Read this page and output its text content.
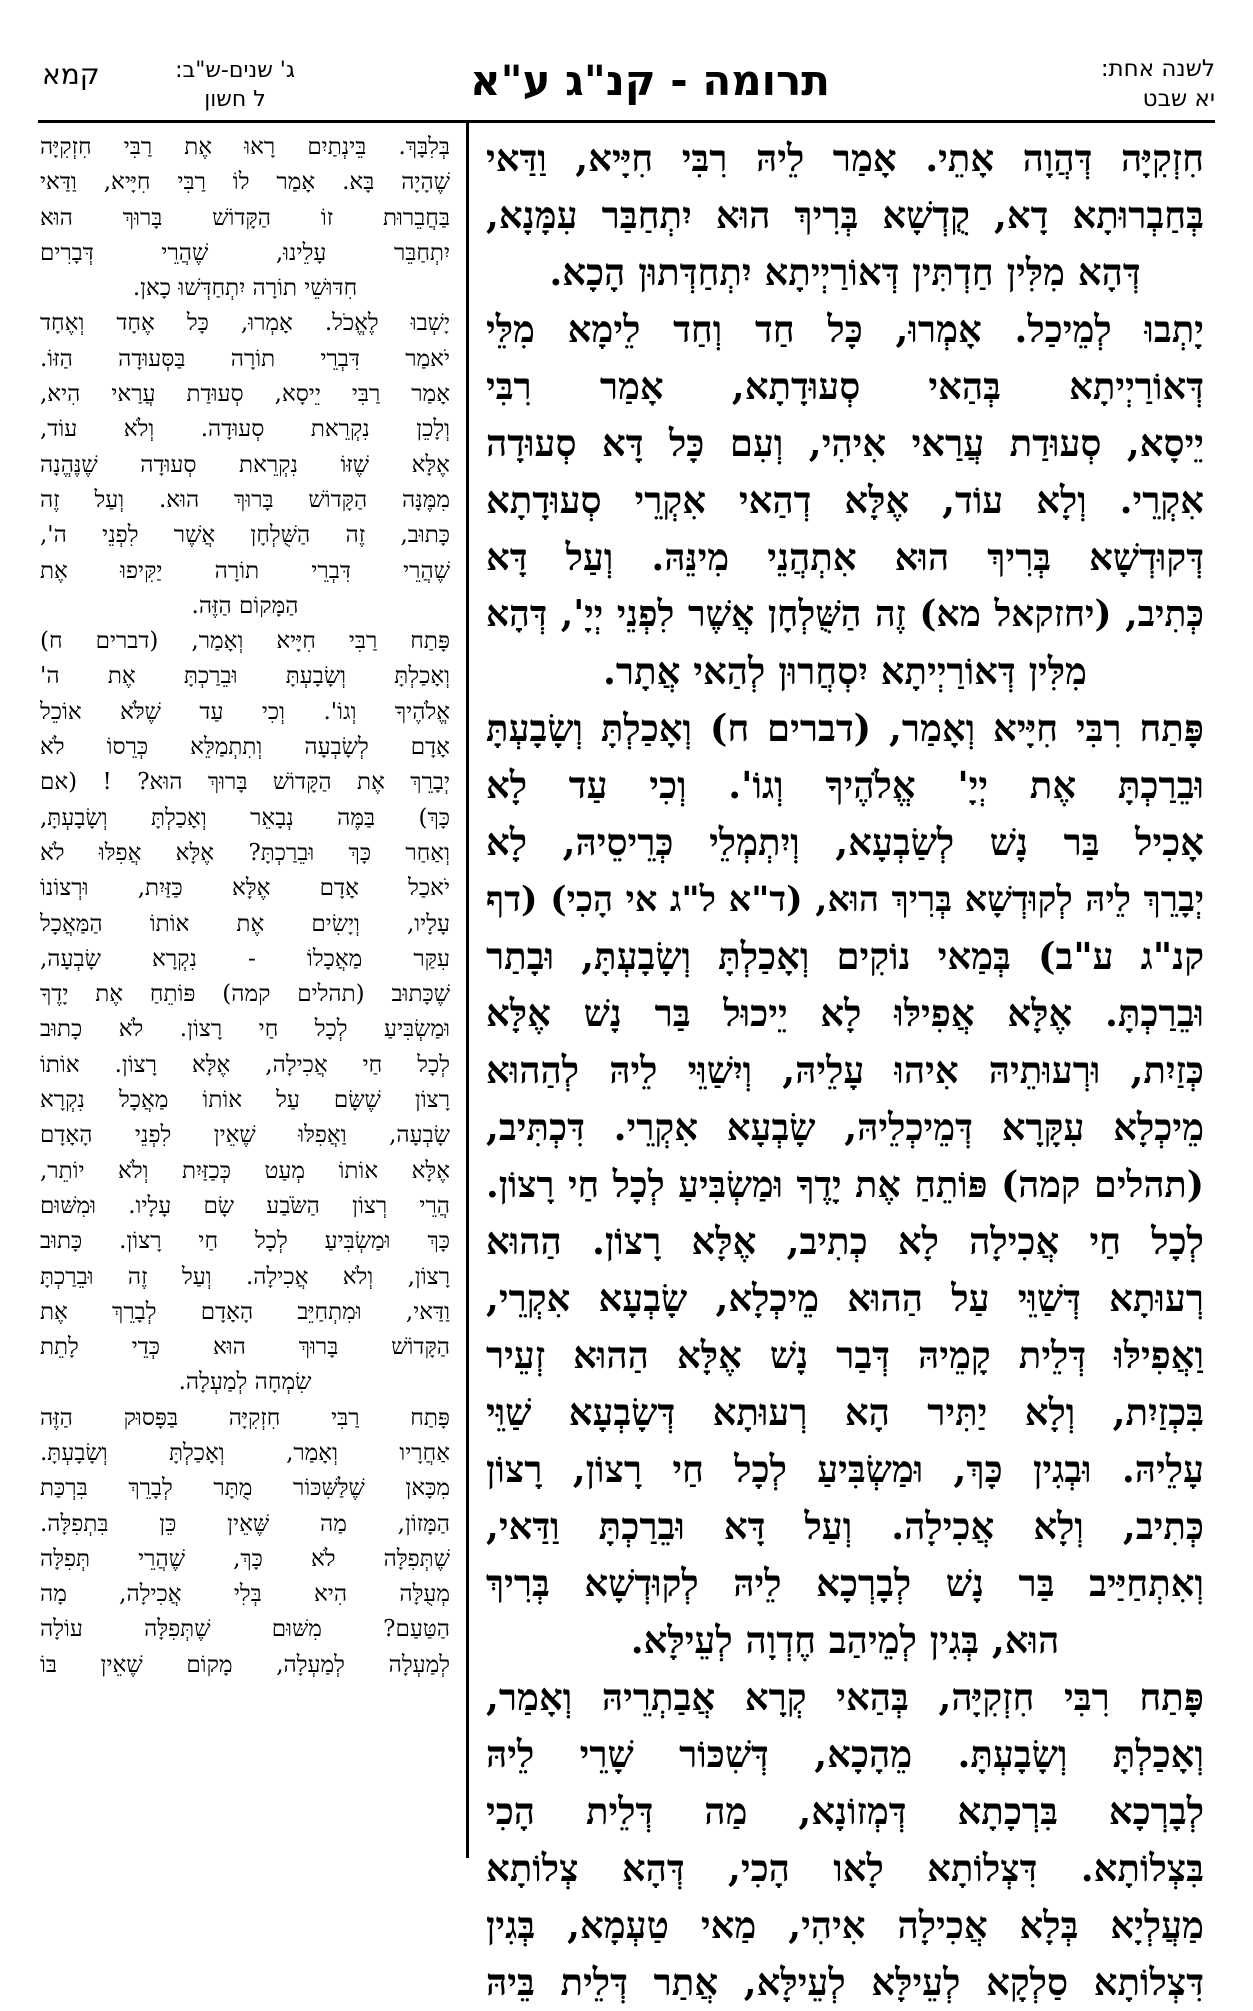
לשנה אחת:
יא שבט
תרומה - קנ"ג ע"א
ג' שנים-ש"ב:
ל חשון
קמא
חִזְקִיָּה דְּהֲוָה אָתֵי. אָמַר לֵיהּ רִבִּי חִיָּיא, וַדַּאי
בְּחַבְרוּתָא דָא, קֻדְשָׁא בְּרִיךְ הוּא יִתְחַבַּר עִמָּנָא,
דְּהָא מִלִּין חַדְתִּין דְּאוֹרַיְיתָא יִתְחַדְּתוּן הָכָא.
יָתְבוּ לְמֵיכַל. אָמְרוּ, כָּל חַד וְחַד לֵימָא מִלֵּי
דְּאוֹרַיְיתָא בְּהַאי סְעוּדָתָא, אָמַר רִבִּי
יֵיסָא, סְעוּדַת עֲרַאי אִיהִי, וְעִם כָּל דָּא סְעוּדָה
אִקְרֵי. וְלָא עוֹד, אֶלָּא דְהַאי אִקְרֵי סְעוּדָתָא
דְּקוּדְשָׁא בְּרִיךְ הוּא אִתְהֲנֵי מִינֵּהּ. וְעַל דָּא
כְּתִיב, (יחזקאל מא) זֶה הַשֻּׁלְחָן אֲשֶׁר לִפְנֵי יְיָ', דְּהָא
מִלִּין דְּאוֹרַיְיתָא יִסְחֲרוּן לְהַאי אֲתָר.
פָּתַח רִבִּי חִיָּיא וְאָמַר, (דברים ח) וְאָכַלְתָּ וְשָׂבָעְתָּ
וּבֵרַכְתָּ אֶת יְיָ' אֱלֹהֶיךָ וְגוֹ'. וְכִי עַד לָא
אָכִיל בַּר נָשׁ לְשַׂבְעָא, וְיִתְמְלֵי כְּרֵיסֵיהּ, לָא
יְבָרֵךְ לֵיהּ לְקוּדְשָׁא בְּרִיךְ הוּא, (ד"א ל"ג אי הָכִי) (דף
קנ"ג ע"ב) בְּמַאי נוֹקִים וְאָכַלְתָּ וְשָׂבָעְתָּ, וּבָתַר
וּבֵרַכְתָּ. אֶלָּא אֲפִילּוּ לָא יֵיכוּל בַּר נָשׁ אֶלָּא
כְּזַיִת, וּרְעוּתֵיהּ אִיהוּ עָלֵיהּ, וְיִשַׁוֵּי לֵיהּ לְהַהוּא
מֵיכְלָא עִקָּרָא דְּמֵיכְלֵיהּ, שָׂבְעָא אִקְרֵי. דִּכְתִּיב,
(תהלים קמה) פּוֹתֵחַ אֶת יָדֶךָ וּמַשְׂבִּיעַ לְכָל חַי רָצוֹן.
לְכָל חַי אֲכִילָה לָא כְתִיב, אֶלָּא רָצוֹן. הַהוּא
רְעוּתָא דְּשַׁוֵּי עַל הַהוּא מֵיכְלָא, שָׂבְעָא אִקְרֵי,
וַאֲפִילּוּ דְּלֵית קָמֵיהּ דְּבַר נָשׁ אֶלָּא הַהוּא זְעֵיר
בִּכְזַיִת, וְלָא יַתִּיר הָא רְעוּתָא דְּשָׂבְעָא שַׁוֵּי
עָלֵיהּ. וּבְגִין כָּךְ, וּמַשְׂבִּיעַ לְכָל חַי רָצוֹן, רָצוֹן
כְּתִיב, וְלָא אֲכִילָה. וְעַל דָּא וּבֵרַכְתָּ וַדַּאי,
וְאִתְחַיַּיב בַּר נָשׁ לְבָרְכָא לֵיהּ לְקוּדְשָׁא בְּרִיךְ
הוּא, בְּגִין לְמֵיהַב חֶדְוָה לְעֵילָּא.
פָּתַח רִבִּי חִזְקִיָּה, בְּהַאי קְרָא אֲבַתְרֵיהּ וְאָמַר,
וְאָכַלְתָּ וְשָׂבָעְתָּ. מֵהָכָא, דְּשִׁכּוֹר שָׁרֵי לֵיהּ
לְבָרְכָא בִּרְכָתָא דְּמְזוֹנָא, מַה דְּלֵית הָכִי
בִּצְלוֹתָא. דִּצְלוֹתָא לָאו הָכִי, דְּהָא צְלוֹתָא
מַעֲלְיָא בְּלָא אֲכִילָה אִיהִי, מַאי טַעְמָא, בְּגִין
דִּצְלוֹתָא סַלְקָא לְעֵילָּא לְעֵילָּא, אֲתַר דְּלֵית בֵּיהּ
בְּלִבָּךְ. בֵּינְתַיִם רָאוּ אֶת רַבִּי חִזְקִיָּה
שֶׁהָיָה בָּא. אָמַר לוֹ רַבִּי חִיָּיא, וַדַּאי
בַּחֲבֵרוּת זוֹ הַקָּדוֹשׁ בָּרוּךְ הוּא
יִתְחַבֵּר עָלֵינוּ, שֶׁהֲרֵי דְּבָרִים
חִדּוּשֵׁי תוֹרָה יִתְחַדְּשׁוּ כָאן.
יָשְׁבוּ לֶאֱכֹל. אָמְרוּ, כָּל אֶחָד וְאֶחָד
יֹאמַר דִּבְרֵי תוֹרָה בַּסְּעוּדָה הַזּוֹ.
אָמַר רַבִּי יֵיסָא, סְעוּדַת עֲרַאי הִיא,
וְלָכֵן נִקְרֵאת סְעוּדָה. וְלֹא עוֹד,
אֶלָּא שֶׁזּוֹ נִקְרֵאת סְעוּדָה שֶׁנֶּהֱנָה
מִמֶּנָּה הַקָּדוֹשׁ בָּרוּךְ הוּא. וְעַל זֶה
כָּתוּב, זֶה הַשֻּׁלְחָן אֲשֶׁר לִפְנֵי ה',
שֶׁהֲרֵי דִּבְרֵי תוֹרָה יַקִּיפוּ אֶת
הַמָּקוֹם הַזֶּה.
פָּתַח רַבִּי חִיָּיא וְאָמַר, (דברים ח)
וְאָכַלְתָּ וְשָׂבָעְתָּ וּבֵרַכְתָּ אֶת ה'
אֱלֹהֶיךָ וְגוֹ'. וְכִי עַד שֶׁלֹּא אוֹכֵל
אָדָם לְשָׂבְעָה וְתִתְמַלֵּא כְּרֵסוֹ לֹא
יְבָרֵךְ אֶת הַקָּדוֹשׁ בָּרוּךְ הוּא? ! (אם
כָּךְ) בַּמֶּה נְבָאֵר וְאָכַלְתָּ וְשָׂבָעְתָּ,
וְאַחַר כָּךְ וּבֵרַכְתָּ? אֶלָּא אֲפִלּוּ לֹא
יֹאכַל אָדָם אֶלָּא כַּזַּיִת, וּרְצוֹנוֹ
עָלָיו, וְיָשִׂים אֶת אוֹתוֹ הַמַּאֲכָל
עִקַּר מַאֲכָלוֹ - נִקְרָא שָׂבְעָה,
שֶׁכָּתוּב (תהלים קמה) פּוֹתֵחַ אֶת יָדֶךָ
וּמַשְׂבִּיעַ לְכָל חַי רָצוֹן. לֹא כָתוּב
לְכָל חַי אֲכִילָה, אֶלָּא רָצוֹן. אוֹתוֹ
רָצוֹן שֶׁשָּׂם עַל אוֹתוֹ מַאֲכָל נִקְרָא
שָׂבְעָה, וַאֲפִלּוּ שֶׁאֵין לִפְנֵי הָאָדָם
אֶלָּא אוֹתוֹ מְעַט כְּכַזַּיִת וְלֹא יוֹתֵר,
הֲרֵי רְצוֹן הַשֹּׂבַע שָׂם עָלָיו. וּמִשּׁוּם
כָּךְ וּמַשְׂבִּיעַ לְכָל חַי רָצוֹן. כָּתוּב
רָצוֹן, וְלֹא אֲכִילָה. וְעַל זֶה וּבֵרַכְתָּ
וַדַּאי, וּמִתְחַיֵּב הָאָדָם לְבָרֵךְ אֶת
הַקָּדוֹשׁ בָּרוּךְ הוּא כְּדֵי לָתֵת
שִׂמְחָה לְמַעְלָה.
פָּתַח רַבִּי חִזְקִיָּה בַּפָּסוּק הַזֶּה
אַחֲרָיו וְאָמַר, וְאָכַלְתָּ וְשָׂבָעְתָּ.
מִכָּאן שֶׁלַּשִּׁכּוֹר מֻתָּר לְבָרֵךְ בִּרְכַּת
הַמָּזוֹן, מַה שֶּׁאֵין כֵּן בִּתְפִלָּה.
שֶׁתְּפִלָּה לֹא כָּךְ, שֶׁהֲרֵי תְּפִלָּה
מְעֻלָּה הִיא בְּלִי אֲכִילָה, מָה
הַטַּעַם? מִשּׁוּם שֶׁתְּפִלָּה עוֹלָה
לְמַעְלָה לְמַעְלָה, מָקוֹם שֶׁאֵין בּוֹ
